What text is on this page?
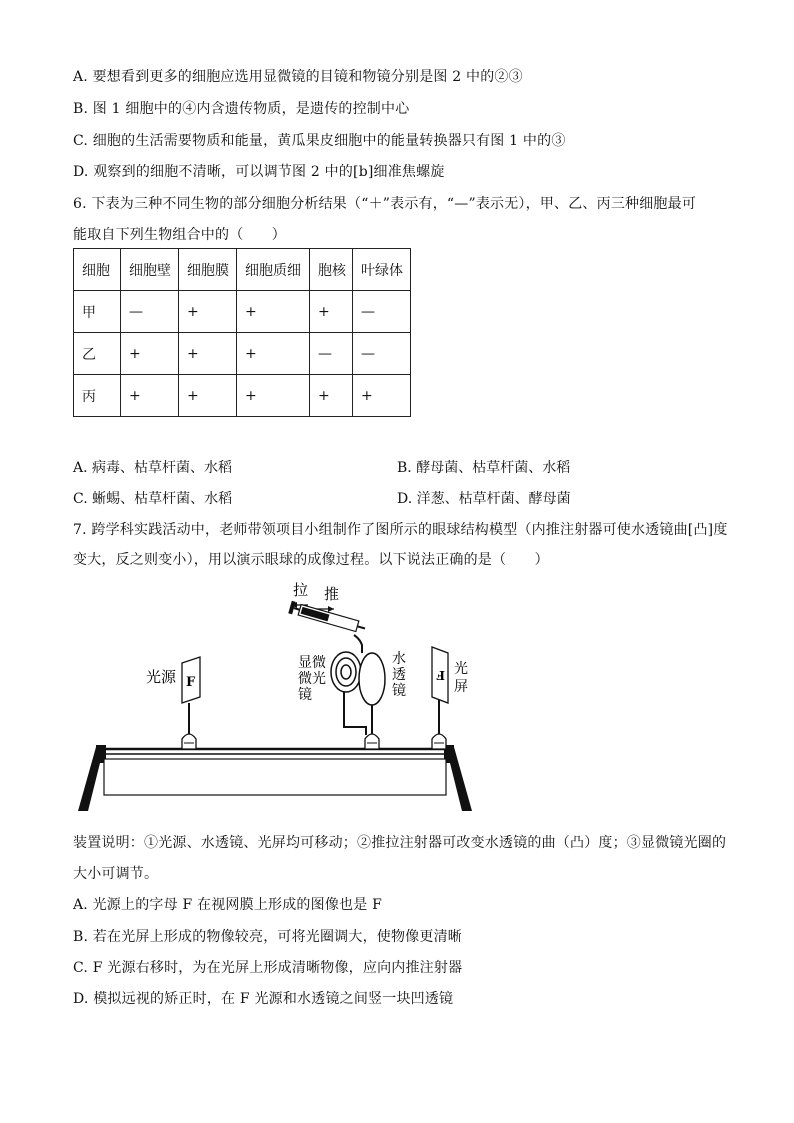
A. 要想看到更多的细胞应选用显微镜的目镜和物镜分别是图 2 中的②③
B. 图 1 细胞中的④内含遗传物质，是遗传的控制中心
C. 细胞的生活需要物质和能量，黄瓜果皮细胞中的能量转换器只有图 1 中的③
D. 观察到的细胞不清晰，可以调节图 2 中的[b]细准焦螺旋
6. 下表为三种不同生物的部分细胞分析结果（“＋”表示有，“—”表示无），甲、乙、丙三种细胞最可
能取自下列生物组合中的（　　）
细胞	细胞壁	细胞膜	细胞质细	胞核	叶绿体
甲	—	+	+	+	—
乙	+	+	+	—	—
丙	+	+	+	+	+
A. 病毒、枯草杆菌、水稻	B. 酵母菌、枯草杆菌、水稻
C. 蜥蜴、枯草杆菌、水稻	D. 洋葱、枯草杆菌、酵母菌
7. 跨学科实践活动中，老师带领项目小组制作了图所示的眼球结构模型（内推注射器可使水透镜曲[凸]度
变大，反之则变小），用以演示眼球的成像过程。以下说法正确的是（　　）
拉 推
光源 F
显微
微光
镜
水
透
镜
F 光
屏
装置说明：①光源、水透镜、光屏均可移动；②推拉注射器可改变水透镜的曲（凸）度；③显微镜光圈的
大小可调节。
A. 光源上的字母 F 在视网膜上形成的图像也是 F
B. 若在光屏上形成的物像较亮，可将光圈调大，使物像更清晰
C. F 光源右移时，为在光屏上形成清晰物像，应向内推注射器
D. 模拟远视的矫正时，在 F 光源和水透镜之间竖一块凹透镜
